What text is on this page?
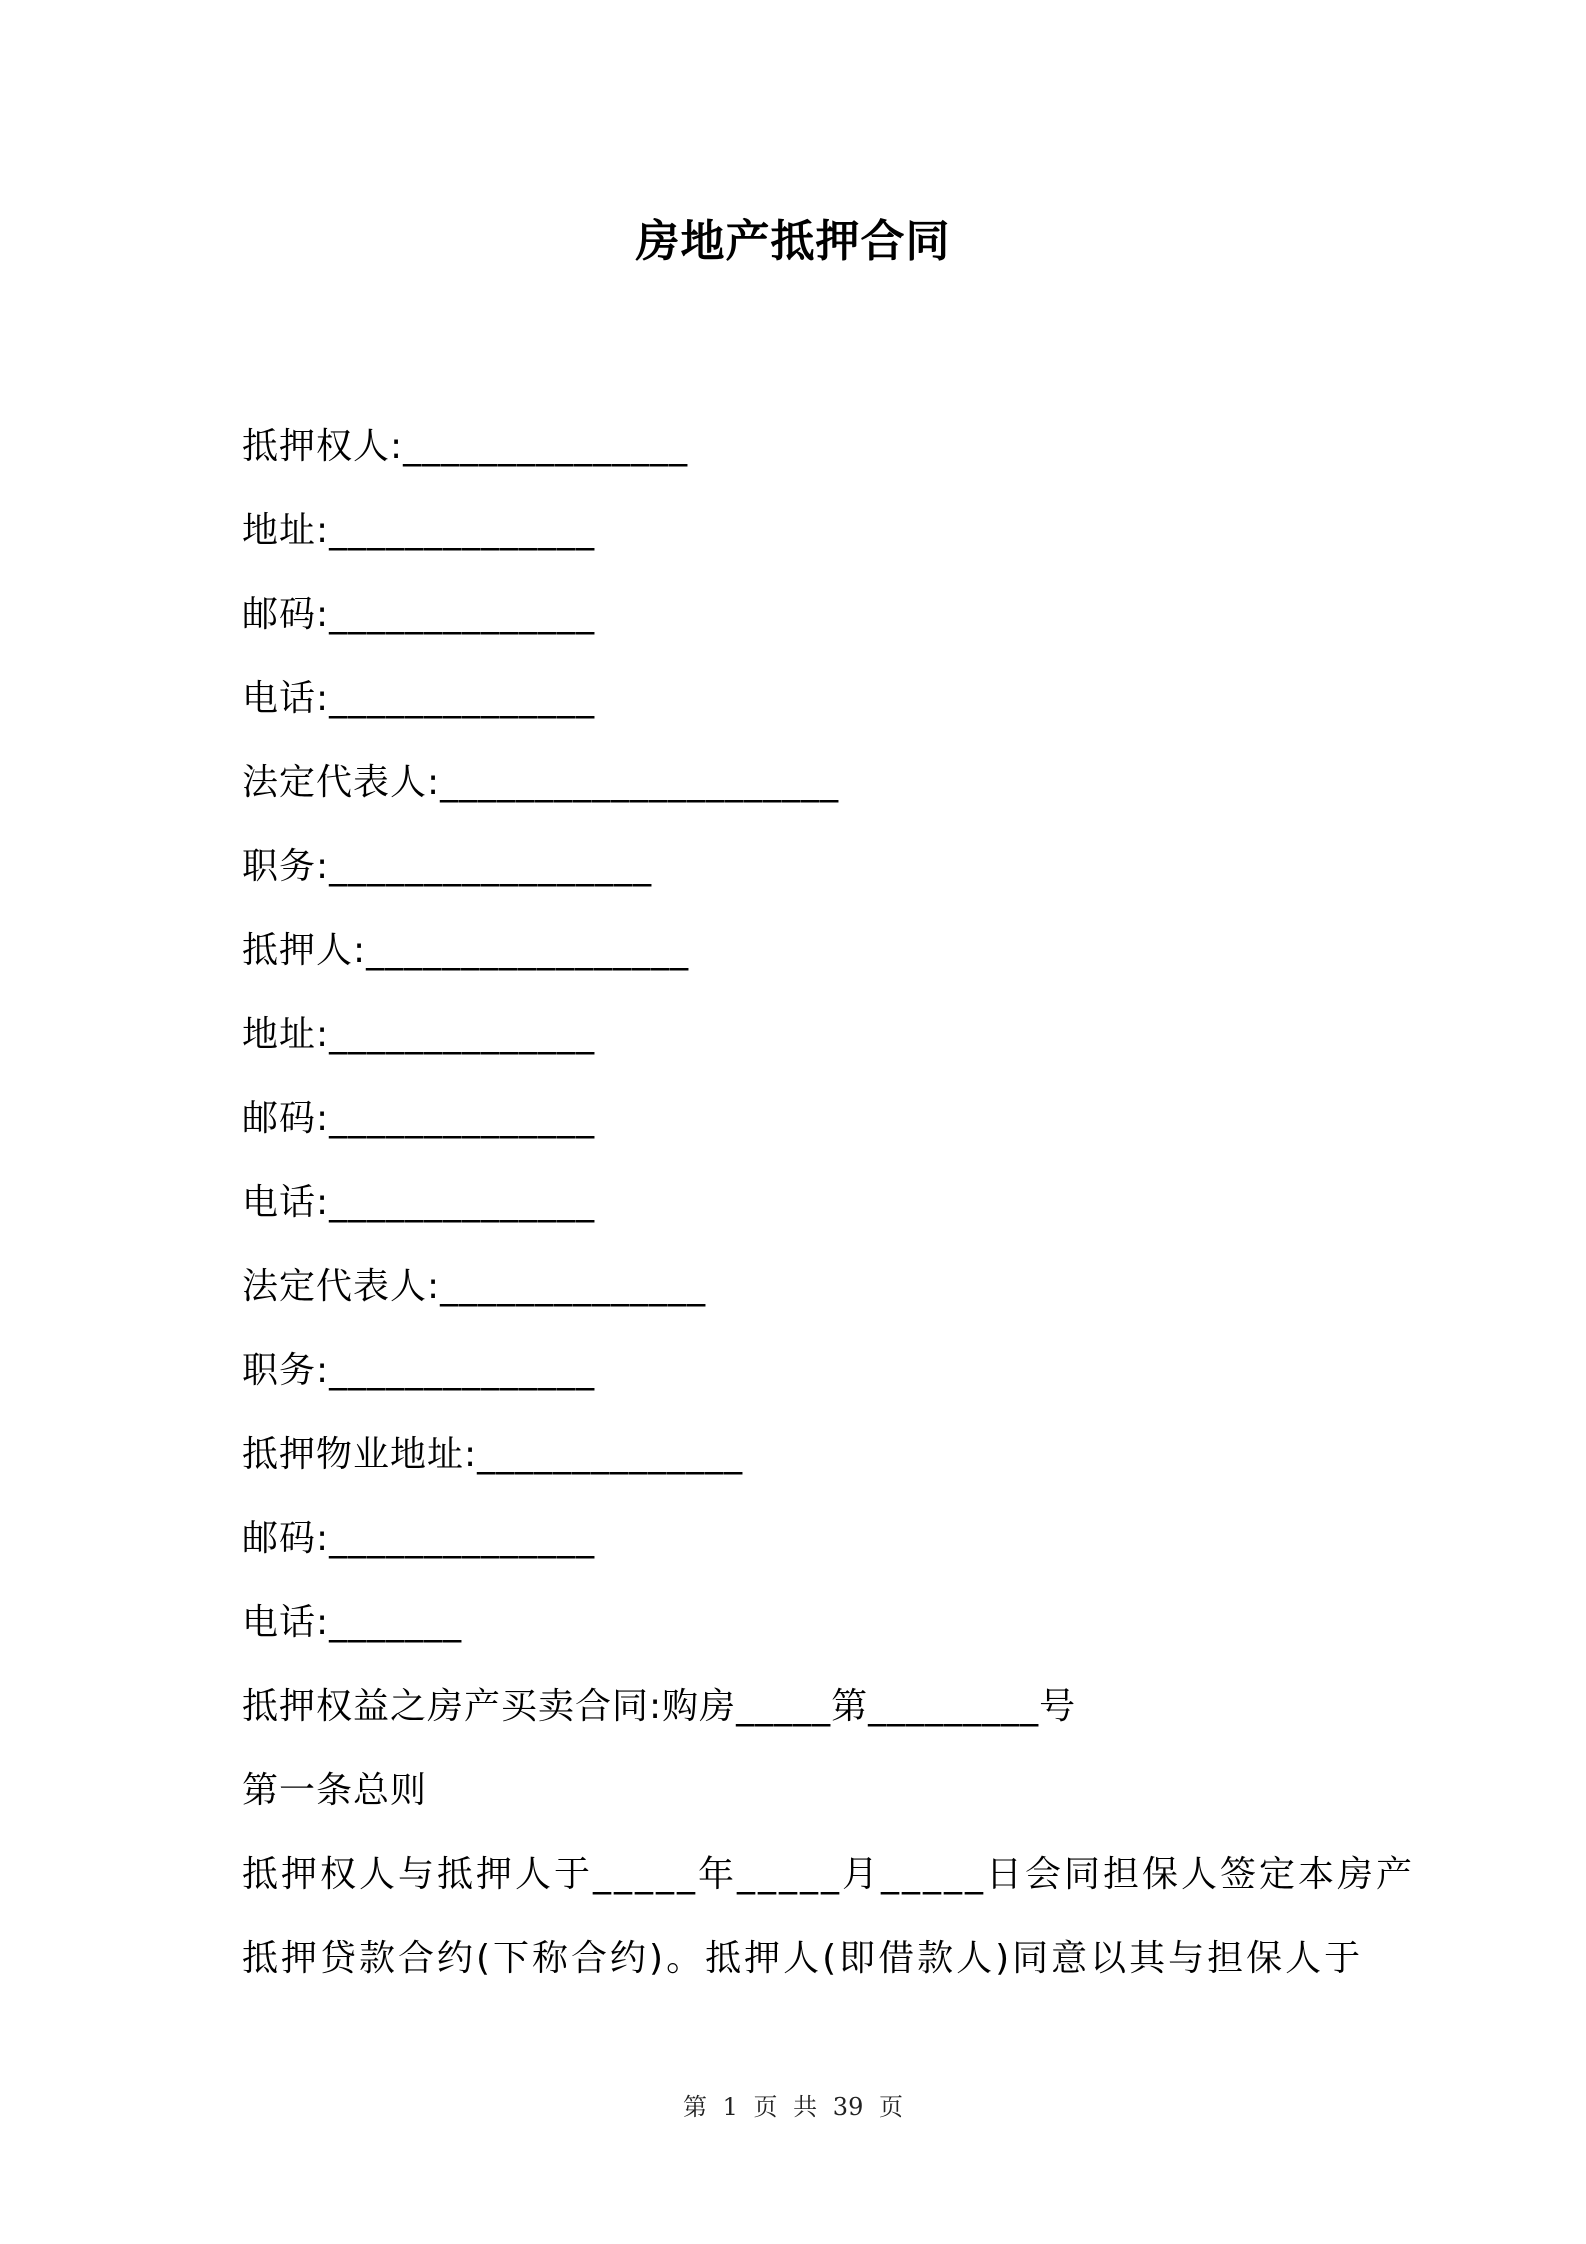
房地产抵押合同
抵押权人:_______________
地址:______________
邮码:______________
电话:______________
法定代表人:_____________________
职务:_________________
抵押人:_________________
地址:______________
邮码:______________
电话:______________
法定代表人:______________
职务:______________
抵押物业地址:______________
邮码:______________
电话:_______
抵押权益之房产买卖合同:购房_____第_________号
第一条总则
抵押权人与抵押人于_____年_____月_____日会同担保人签定本房产
抵押贷款合约(下称合约)。抵押人(即借款人)同意以其与担保人于
第 1 页 共 39 页
